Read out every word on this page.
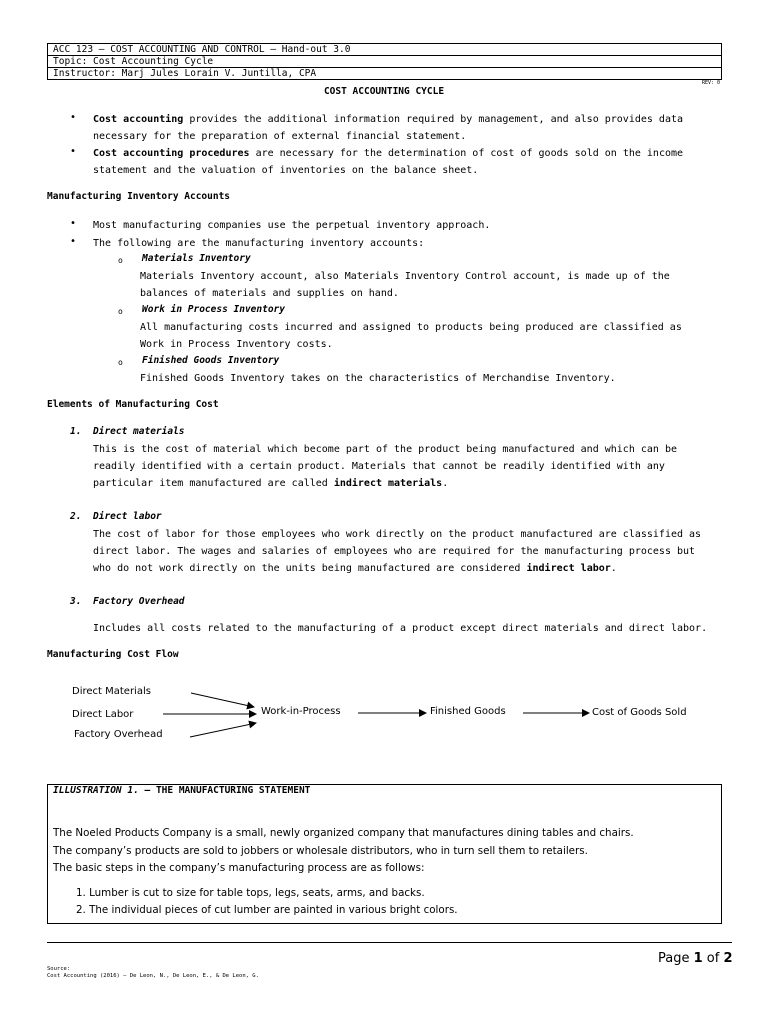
ACC 123 — COST ACCOUNTING AND CONTROL — Hand-out 3.0
Topic: Cost Accounting Cycle
Instructor: Marj Jules Lorain V. Juntilla, CPA
REV: 0
COST ACCOUNTING CYCLE
• Cost accounting provides the additional information required by management, and also provides data
necessary for the preparation of external financial statement.
• Cost accounting procedures are necessary for the determination of cost of goods sold on the income
statement and the valuation of inventories on the balance sheet.
Manufacturing Inventory Accounts
• Most manufacturing companies use the perpetual inventory approach.
• The following are the manufacturing inventory accounts:
o Materials Inventory
Materials Inventory account, also Materials Inventory Control account, is made up of the
balances of materials and supplies on hand.
o Work in Process Inventory
All manufacturing costs incurred and assigned to products being produced are classified as
Work in Process Inventory costs.
o Finished Goods Inventory
Finished Goods Inventory takes on the characteristics of Merchandise Inventory.
Elements of Manufacturing Cost
1. Direct materials
This is the cost of material which become part of the product being manufactured and which can be
readily identified with a certain product. Materials that cannot be readily identified with any
particular item manufactured are called indirect materials.
2. Direct labor
The cost of labor for those employees who work directly on the product manufactured are classified as
direct labor. The wages and salaries of employees who are required for the manufacturing process but
who do not work directly on the units being manufactured are considered indirect labor.
3. Factory Overhead
Includes all costs related to the manufacturing of a product except direct materials and direct labor.
Manufacturing Cost Flow
Direct Materials
Direct Labor
Factory Overhead
Work-in-Process	Finished Goods	Cost of Goods Sold
ILLUSTRATION 1. — THE MANUFACTURING STATEMENT
The Noeled Products Company is a small, newly organized company that manufactures dining tables and chairs.
The company’s products are sold to jobbers or wholesale distributors, who in turn sell them to retailers.
The basic steps in the company’s manufacturing process are as follows:
1. Lumber is cut to size for table tops, legs, seats, arms, and backs.
2. The individual pieces of cut lumber are painted in various bright colors.
Page 1 of 2
Source:
Cost Accounting (2016) — De Leon, N., De Leon, E., & De Leon, G.
